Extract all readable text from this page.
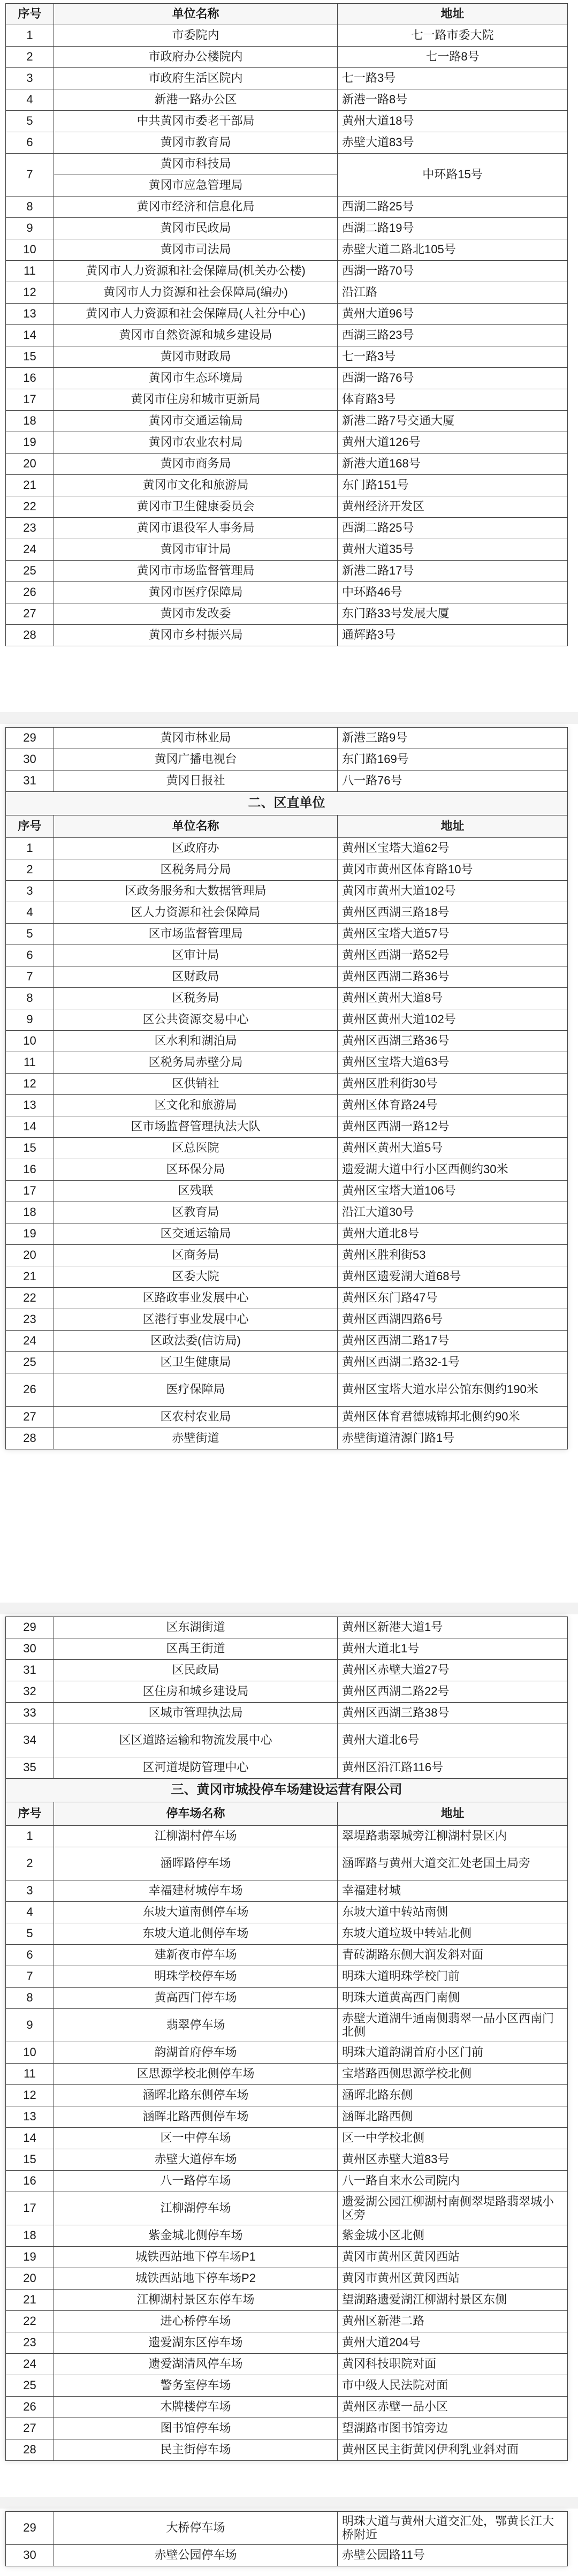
序号	单位名称	地址
1	市委院内	七一路市委大院
2	市政府办公楼院内	七一路8号
3	市政府生活区院内	七一路3号
4	新港一路办公区	新港一路8号
5	中共黄冈市委老干部局	黄州大道18号
6	黄冈市教育局	赤壁大道83号
7	黄冈市科技局	中环路15号
	黄冈市应急管理局	
8	黄冈市经济和信息化局	西湖二路25号
9	黄冈市民政局	西湖二路19号
10	黄冈市司法局	赤壁大道二路北105号
11	黄冈市人力资源和社会保障局(机关办公楼)	西湖一路70号
12	黄冈市人力资源和社会保障局(编办)	沿江路
13	黄冈市人力资源和社会保障局(人社分中心)	黄州大道96号
14	黄冈市自然资源和城乡建设局	西湖三路23号
15	黄冈市财政局	七一路3号
16	黄冈市生态环境局	西湖一路76号
17	黄冈市住房和城市更新局	体育路3号
18	黄冈市交通运输局	新港二路7号交通大厦
19	黄冈市农业农村局	黄州大道126号
20	黄冈市商务局	新港大道168号
21	黄冈市文化和旅游局	东门路151号
22	黄冈市卫生健康委员会	黄州经济开发区
23	黄冈市退役军人事务局	西湖二路25号
24	黄冈市审计局	黄州大道35号
25	黄冈市市场监督管理局	新港二路17号
26	黄冈市医疗保障局	中环路46号
27	黄冈市发改委	东门路33号发展大厦
28	黄冈市乡村振兴局	通辉路3号
29	黄冈市林业局	新港三路9号
30	黄冈广播电视台	东门路169号
31	黄冈日报社	八一路76号
二、区直单位		
序号	单位名称	地址
1	区政府办	黄州区宝塔大道62号
2	区税务局分局	黄冈市黄州区体育路10号
3	区政务服务和大数据管理局	黄冈市黄州大道102号
4	区人力资源和社会保障局	黄州区西湖三路18号
5	区市场监督管理局	黄州区宝塔大道57号
6	区审计局	黄州区西湖一路52号
7	区财政局	黄州区西湖二路36号
8	区税务局	黄州区黄州大道8号
9	区公共资源交易中心	黄州区黄州大道102号
10	区水利和湖泊局	黄州区西湖三路36号
11	区税务局赤壁分局	黄州区宝塔大道63号
12	区供销社	黄州区胜利街30号
13	区文化和旅游局	黄州区体育路24号
14	区市场监督管理执法大队	黄州区西湖一路12号
15	区总医院	黄州区黄州大道5号
16	区环保分局	遗爱湖大道中行小区西侧约30米
17	区残联	黄州区宝塔大道106号
18	区教育局	沿江大道30号
19	区交通运输局	黄州大道北8号
20	区商务局	黄州区胜利街53
21	区委大院	黄州区遗爱湖大道68号
22	区路政事业发展中心	黄州区东门路47号
23	区港行事业发展中心	黄州区西湖四路6号
24	区政法委(信访局)	黄州区西湖二路17号
25	区卫生健康局	黄州区西湖二路32-1号
26	医疗保障局	黄州区宝塔大道水岸公馆东侧约190米
27	区农村农业局	黄州区体育君德城锦邦北侧约90米
28	赤壁街道	赤壁街道清源门路1号
29	区东湖街道	黄州区新港大道1号
30	区禹王街道	黄州大道北1号
31	区民政局	黄州区赤壁大道27号
32	区住房和城乡建设局	黄州区西湖二路22号
33	区城市管理执法局	黄州区西湖三路38号
34	区区道路运输和物流发展中心	黄州大道北6号
35	区河道堤防管理中心	黄州区沿江路116号
三、黄冈市城投停车场建设运营有限公司		
序号	停车场名称	地址
1	江柳湖村停车场	翠堤路翡翠城旁江柳湖村景区内
2	涵晖路停车场	涵晖路与黄州大道交汇处老国土局旁
3	幸福建材城停车场	幸福建材城
4	东坡大道南侧停车场	东坡大道中转站南侧
5	东坡大道北侧停车场	东坡大道垃圾中转站北侧
6	建新夜市停车场	青砖湖路东侧大润发斜对面
7	明珠学校停车场	明珠大道明珠学校门前
8	黄高西门停车场	明珠大道黄高西门南侧
9	翡翠停车场	赤壁大道湖牛通南侧翡翠一品小区西南门北侧
10	韵湖首府停车场	明珠大道韵湖首府小区门前
11	区思源学校北侧停车场	宝塔路西侧思源学校北侧
12	涵晖北路东侧停车场	涵晖北路东侧
13	涵晖北路西侧停车场	涵晖北路西侧
14	区一中停车场	区一中学校北侧
15	赤壁大道停车场	黄州区赤壁大道83号
16	八一路停车场	八一路自来水公司院内
17	江柳湖停车场	遗爱湖公园江柳湖村南侧翠堤路翡翠城小区旁
18	紫金城北侧停车场	紫金城小区北侧
19	城铁西站地下停车场P1	黄冈市黄州区黄冈西站
20	城铁西站地下停车场P2	黄冈市黄州区黄冈西站
21	江柳湖村景区东停车场	望湖路遗爱湖江柳湖村景区东侧
22	进心桥停车场	黄州区新港二路
23	遗爱湖东区停车场	黄州大道204号
24	遗爱湖清风停车场	黄冈科技职院对面
25	警务室停车场	市中级人民法院对面
26	木牌楼停车场	黄州区赤壁一品小区
27	图书馆停车场	望湖路市图书馆旁边
28	民主街停车场	黄州区民主街黄冈伊利乳业斜对面
29	大桥停车场	明珠大道与黄州大道交汇处，鄂黄长江大桥附近
30	赤壁公园停车场	赤壁公园路11号
